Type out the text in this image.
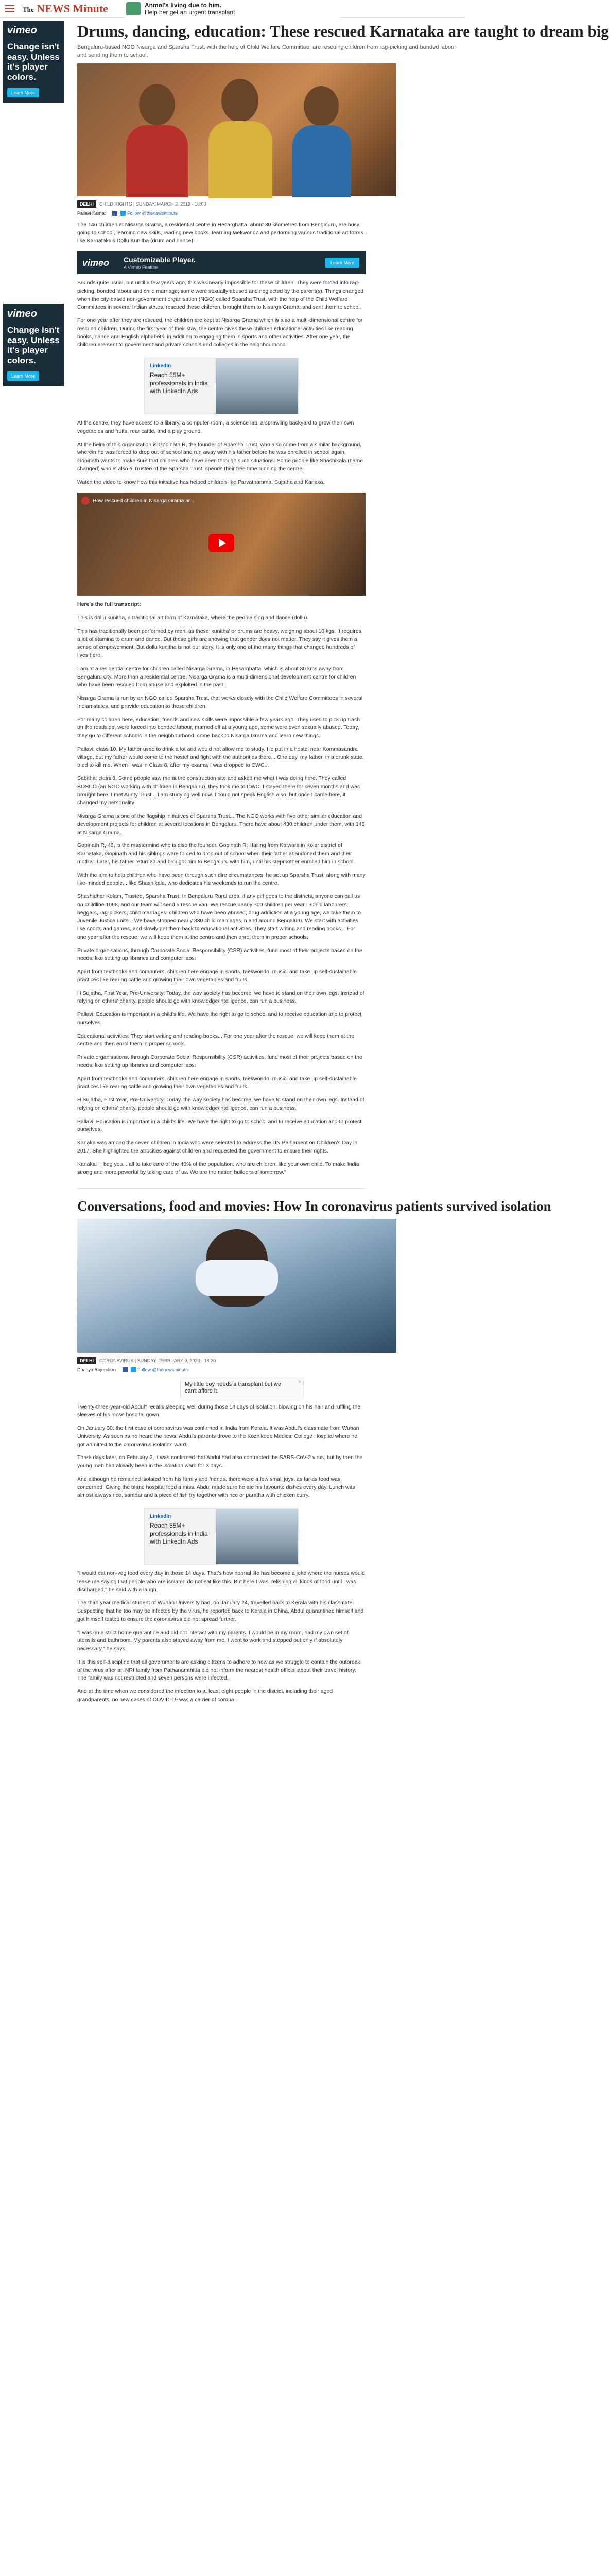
The NEWS Minute	Anmol's living due to him.
Help her get an urgent transplant
vimeo
Change isn't easy. Unless it's player colors.
Learn More
vimeo
Change isn't easy. Unless it's player colors.
Learn More
Drums, dancing, education: These rescued Karnataka are taught to dream big
Bengaluru-based NGO Nisarga and Sparsha Trust, with the help of Child Welfare Committee, are rescuing children from rag-picking and bonded labour and sending them to school.
DELHI	CHILD RIGHTS | SUNDAY, MARCH 3, 2019 - 18:00
Pallavi Kamat	Follow @thenewsminute

The 146 children at Nisarga Grama, a residential centre in Hesarghatta, about 30 kilometres from Bengaluru, are busy going to school, learning new skills, reading new books, learning taekwondo and performing various traditional art forms like Karnataka's Dollu Kunitha (drum and dance).

vimeo Customizable Player.
A Vimeo Feature
Learn More

Sounds quite usual, but until a few years ago, this was nearly impossible for these children. They were forced into rag-picking, bonded labour and child marriage; some were sexually abused and neglected by the parent(s). Things changed when the city-based non-government organisation (NGO) called Sparsha Trust, with the help of the Child Welfare Committees in several Indian states, rescued these children, brought them to Nisarga Grama, and sent them to school.

For one year after they are rescued, the children are kept at Nisarga Grama which is also a multi-dimensional centre for rescued children. During the first year of their stay, the centre gives these children educational activities like reading books, dance and English alphabets, in addition to engaging them in sports and other activities. After one year, the children are sent to government and private schools and colleges in the neighbourhood.

LinkedIn
Reach 55M+ professionals in India with LinkedIn Ads

At the centre, they have access to a library, a computer room, a science lab, a sprawling backyard to grow their own vegetables and fruits, rear cattle, and a play ground.

At the helm of this organization is Gopinath R, the founder of Sparsha Trust, who also come from a similar background, wherein he was forced to drop out of school and run away with his father before he was enrolled in school again. Gopinath wants to make sure that children who have been through such situations. Some people like Shashikala (name changed) who is also a Trustee of the Sparsha Trust, spends their free time running the centre.

Watch the video to know how this initiative has helped children like Parvathamma, Sujatha and Kanaka.

How rescued children in Nisarga Grama ar...

Here's the full transcript:

This is dollu kunitha, a traditional art form of Karnataka, where the people sing and dance (dollu).

This has traditionally been performed by men, as these 'kunitha' or drums are heavy, weighing about 10 kgs. It requires a lot of stamina to drum and dance. But these girls are showing that gender does not matter. They say it gives them a sense of empowerment. But dollu kunitha is not our story. It is only one of the many things that changed hundreds of lives here.

I am at a residential centre for children called Nisarga Grama, in Hesarghatta, which is about 30 kms away from Bengaluru city. More than a residential centre, Nisarga Grama is a multi-dimensional development centre for children who have been rescued from abuse and exploited in the past.

Nisarga Grama is run by an NGO called Sparsha Trust, that works closely with the Child Welfare Committees in several Indian states, and provide education to these children.

For many children here, education, friends and new skills were impossible a few years ago. They used to pick up trash on the roadside, were forced into bonded labour, married off at a young age, some were even sexually abused. Today, they go to different schools in the neighbourhood, come back to Nisarga Grama and learn new things.

Pallavi: class 10. My father used to drink a lot and would not allow me to study. He put in a hostel near Kommasandra village, but my father would come to the hostel and fight with the authorities there... One day, my father, in a drunk state, tried to kill me. When I was in Class 8, after my exams, I was dropped to CWC...

Sabitha: class 8. Some people saw me at the construction site and asked me what I was doing here. They called BOSCO (an NGO working with children in Bengaluru), they took me to CWC. I stayed there for seven months and was brought here. I met Aunty Trust... I am studying well now. I could not speak English also, but once I came here, it changed my personality.

Nisarga Grama is one of the flagship initiatives of Sparsha Trust... The NGO works with five other similar education and development projects for children at several locations in Bengaluru. There have about 430 children under them, with 146 at Nisarga Grama.

Gopinath R, 46, is the mastermind who is also the founder. Gopinath R: Hailing from Kaiwara in Kolar district of Karnataka, Gopinath and his siblings were forced to drop out of school when their father abandoned them and their mother. Later, his father returned and brought him to Bengaluru with him, until his stepmother enrolled him in school.

With the aim to help children who have been through such dire circumstances, he set up Sparsha Trust, along with many like-minded people... like Shashikala, who dedicates his weekends to run the centre.

Shashidhar Kolam, Trustee, Sparsha Trust: In Bengaluru Rural area, if any girl goes to the districts, anyone can call us on childline 1098, and our team will send a rescue van. We rescue nearly 700 children per year... Child labourers, beggars, rag-pickers, child marriages, children who have been abused, drug addiction at a young age, we take them to Juvenile Justice units... We have stopped nearly 330 child marriages in and around Bengaluru. We start with activities like sports and games, and slowly get them back to educational activities. They start writing and reading books... For one year after the rescue, we will keep them at the centre and then enrol them in proper schools.

Private organisations, through Corporate Social Responsibility (CSR) activities, fund most of their projects based on the needs, like setting up libraries and computer labs.

Apart from textbooks and computers, children here engage in sports, taekwondo, music, and take up self-sustainable practices like rearing cattle and growing their own vegetables and fruits.

H Sujatha, First Year, Pre-University: Today, the way society has become, we have to stand on their own legs. Instead of relying on others' charity, people should go with knowledge/intelligence, can run a business.

Pallavi: Education is important in a child's life. We have the right to go to school and to receive education and to protect ourselves.

Educational activities: They start writing and reading books... For one year after the rescue, we will keep them at the centre and then enrol them in proper schools.

Private organisations, through Corporate Social Responsibility (CSR) activities, fund most of their projects based on the needs, like setting up libraries and computer labs.

Apart from textbooks and computers, children here engage in sports, taekwondo, music, and take up self-sustainable practices like rearing cattle and growing their own vegetables and fruits.

H Sujatha, First Year, Pre-University: Today, the way society has become, we have to stand on their own legs. Instead of relying on others' charity, people should go with knowledge/intelligence, can run a business.

Pallavi: Education is important in a child's life. We have the right to go to school and to receive education and to protect ourselves.

Kanaka was among the seven children in India who were selected to address the UN Parliament on Children's Day in 2017. She highlighted the atrocities against children and requested the government to ensure their rights.

Kanaka: "I beg you... all to take care of the 40% of the population, who are children, like your own child. To make India strong and more powerful by taking care of us. We are the nation builders of tomorrow."

Conversations, food and movies: How In coronavirus patients survived isolation
DELHI	CORONAVIRUS | SUNDAY, FEBRUARY 9, 2020 - 18:30
Dhanya Rajendran	Follow @thenewsminute
My little boy needs a transplant but we can't afford it.
×

Twenty-three-year-old Abdul* recalls sleeping well during those 14 days of isolation, blowing on his hair and ruffling the sleeves of his loose hospital gown.

On January 30, the first case of coronavirus was confirmed in India from Kerala. It was Abdul's classmate from Wuhan University. As soon as he heard the news, Abdul's parents drove to the Kozhikode Medical College Hospital where he got admitted to the coronavirus isolation ward.

Three days later, on February 2, it was confirmed that Abdul had also contracted the SARS-CoV-2 virus, but by then the young man had already been in the isolation ward for 3 days.

And although he remained isolated from his family and friends, there were a few small joys, as far as food was concerned. Giving the bland hospital food a miss, Abdul made sure he ate his favourite dishes every day. Lunch was almost always rice, sambar and a piece of fish fry together with rice or paratha with chicken curry.

LinkedIn
Reach 55M+ professionals in India with LinkedIn Ads

"I would eat non-veg food every day in those 14 days. That's how normal life has become a joke where the nurses would tease me saying that people who are isolated do not eat like this. But here I was, relishing all kinds of food until I was discharged," he said with a laugh.

The third year medical student of Wuhan University had, on January 24, travelled back to Kerala with his classmate. Suspecting that he too may be infected by the virus, he reported back to Kerala in China, Abdul quarantined himself and got himself tested to ensure the coronavirus did not spread further.

"I was on a strict home quarantine and did not interact with my parents. I would be in my room, had my own set of utensils and bathroom. My parents also stayed away from me. I went to work and stepped out only if absolutely necessary," he says.

It is this self-discipline that all governments are asking citizens to adhere to now as we struggle to contain the outbreak of the virus after an NRI family from Pathanamthitta did not inform the nearest health official about their travel history. The family was not restricted and seven persons were infected.

And at the time when we considered the infection to at least eight people in the district, including their aged grandparents, no new cases of COVID-19 was a carrier of corona...
